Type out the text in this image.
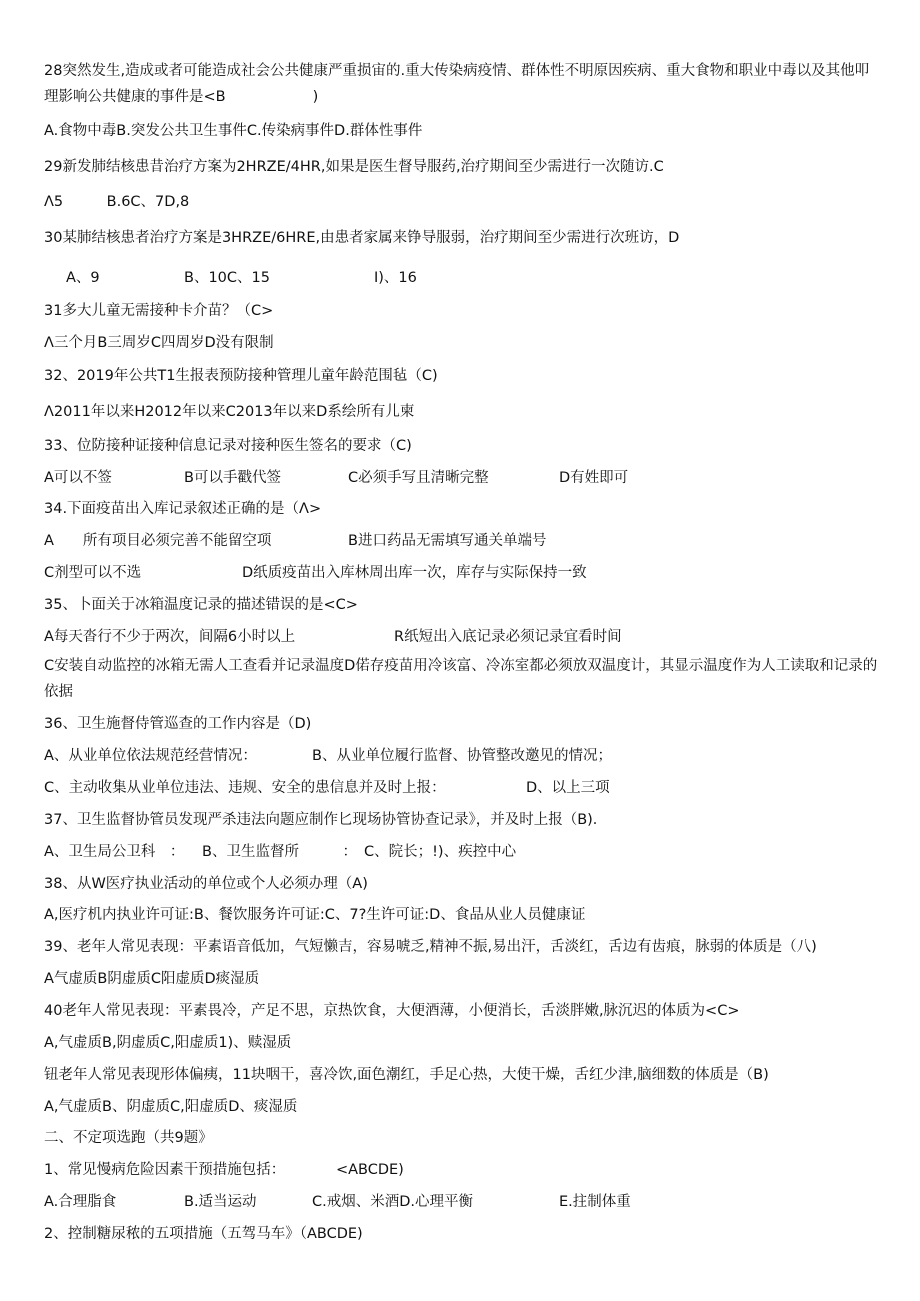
28突然发生,造成或者可能造成社会公共健康严重损宙的.重大传染病疫情、群体性不明原因疾病、重大食物和职业中毒以及其他叩理影响公共健康的事件是<B　　　　　　)
A.食物中毒B.突发公共卫生事件C.传染病事件D.群体性事件
29新发肺结核患昔治疗方案为2HRZE/4HR,如果是医生督导服药,治疗期间至少需进行一次随访.C
Λ5　　　B.6C、7D,8
30某肺结核患者治疗方案是3HRZE/6HRE,由患者家属来铮导服弱，治疗期间至少需进行次班访，D
A、9	B、10C、15	I)、16
31多大儿童无需接种卡介苗？（C>
Λ三个月B三周岁C四周岁D没有限制
32、2019年公共T1生报表预防接种管理儿童年龄范围毡（C)
Λ2011年以来H2012年以来C2013年以来D系绘所有儿柬
33、位防接种证接种信息记录对接种医生签名的要求（C)
A可以不签	B可以手戳代签	C必须手写且清晰完整	D有姓即可
34.下面疫苗出入库记录叙述正确的是（Λ>
A　　所有项目必须完善不能留空项	B进口药品无需填写通关单端号
C剂型可以不选	D纸质疫苗出入库林周出库一次，库存与实际保持一致
35、卜面关于冰箱温度记录的描述错误的是<C>
A每天沓行不少于两次，间隔6小时以上	R纸短出入底记录必须记录宜看时间
C安装自动监控的冰箱无需人工查看并记录温度D偌存疫苗用冷该富、冷冻室都必须放双温度计，其显示温度作为人工读取和记录的依据
36、卫生施督侍管巡查的工作内容是（D)
A、从业单位依法规范经营情况：	B、从业单位履行监督、协管整改邀见的情况；
C、主动收集从业单位违法、违规、安全的患信息并及时上报：	D、以上三项
37、卫生监督协管员发现严杀违法向题应制作匕现场协管协查记录》，并及时上报（B)．
A、卫生局公卫科　： B、卫生监督所　　　： C、院长；!)、疾控中心
38、从W医疗执业活动的单位或个人必须办理（A)
A,医疗机内执业许可证:B、餐饮服务许可证:C、7?生许可证:D、食品从业人员健康证
39、老年人常见表现：平素语音低加，气短懒吉，容易唬乏,精神不振,易出汗，舌淡红，舌边有齿痕，脉弱的体质是（八)
A气虚质B阴虚质C阳虚质D痰湿质
40老年人常见表现：平素畏冷，产足不思，京热饮食，大便酒薄，小便消长，舌淡胖嫩,脉沉迟的体质为<C>
A,气虚质B,阴虚质C,阳虚质1)、赎湿质
钮老年人常见表现形体偏痍，11块咽干，喜冷饮,面色潮红，手足心热，大使干燥，舌红少津,脑细数的体质是（B)
A,气虚质B、阴虚质C,阳虚质D、痰湿质
二、不定项选跑（共9题》
1、常见慢病危险因素干预措施包括：　　　　<ABCDE)
A.合理脂食	B.适当运动	C.戒烟、米酒D.心理平衡	E.拄制体重
2、控制糖尿秾的五项措施（五驾马车》（ABCDE)
